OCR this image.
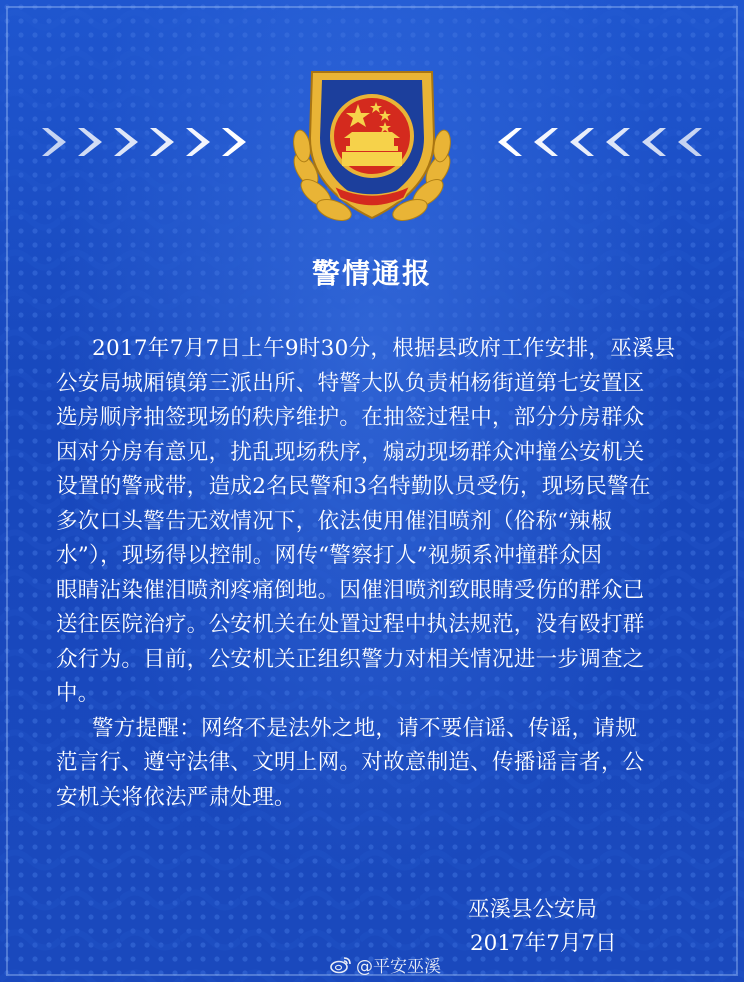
警情通报

2017年7月7日上午9时30分，根据县政府工作安排，巫溪县
公安局城厢镇第三派出所、特警大队负责柏杨街道第七安置区
选房顺序抽签现场的秩序维护。在抽签过程中，部分分房群众
因对分房有意见，扰乱现场秩序，煽动现场群众冲撞公安机关
设置的警戒带，造成2名民警和3名特勤队员受伤，现场民警在
多次口头警告无效情况下，依法使用催泪喷剂（俗称“辣椒
水”），现场得以控制。网传“警察打人”视频系冲撞群众因
眼睛沾染催泪喷剂疼痛倒地。因催泪喷剂致眼睛受伤的群众已
送往医院治疗。公安机关在处置过程中执法规范，没有殴打群
众行为。目前，公安机关正组织警力对相关情况进一步调查之
中。

警方提醒：网络不是法外之地，请不要信谣、传谣，请规
范言行、遵守法律、文明上网。对故意制造、传播谣言者，公
安机关将依法严肃处理。

巫溪县公安局
2017年7月7日
@平安巫溪
